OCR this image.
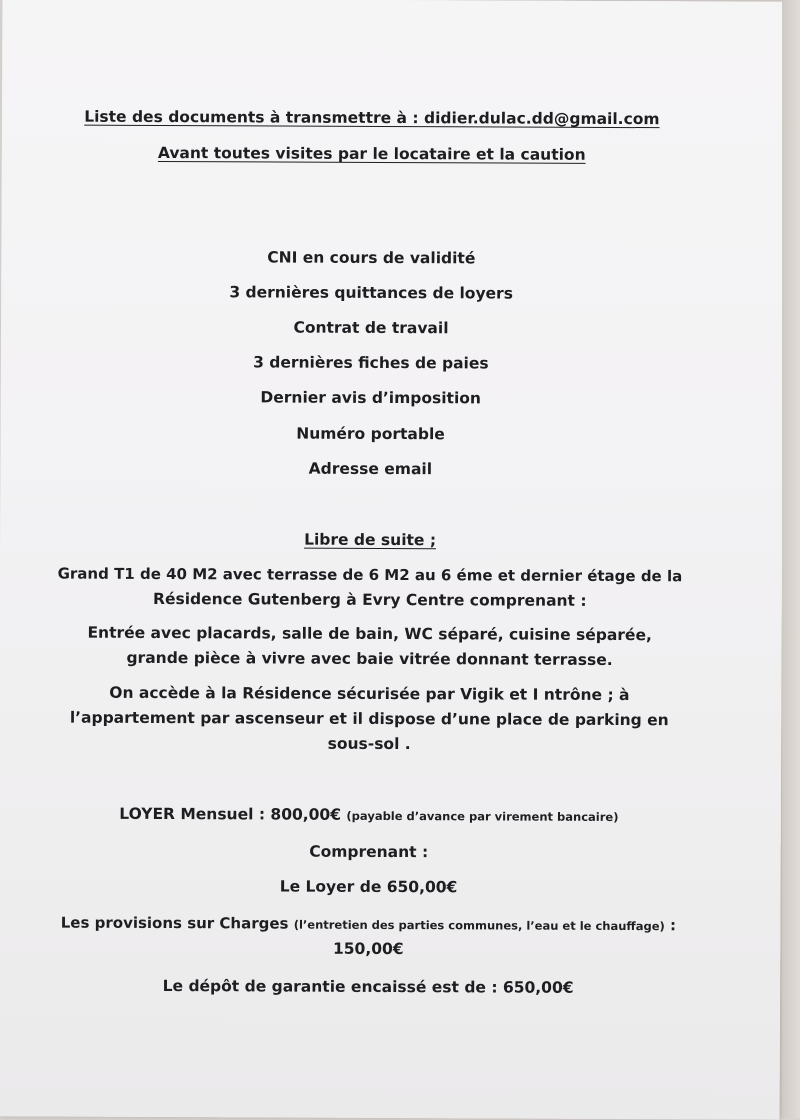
Liste des documents à transmettre à : didier.dulac.dd@gmail.com
Avant toutes visites par le locataire et la caution
CNI en cours de validité
3 dernières quittances de loyers
Contrat de travail
3 dernières fiches de paies
Dernier avis d’imposition
Numéro portable
Adresse email
Libre de suite ;
Grand T1 de 40 M2 avec terrasse de 6 M2 au 6 éme et dernier étage de la
Résidence Gutenberg à Evry Centre comprenant :
Entrée avec placards, salle de bain, WC séparé, cuisine séparée,
grande pièce à vivre avec baie vitrée donnant terrasse.
On accède à la Résidence sécurisée par Vigik et I ntrône ; à
l’appartement par ascenseur et il dispose d’une place de parking en
sous-sol .
LOYER Mensuel : 800,00€ (payable d’avance par virement bancaire)
Comprenant :
Le Loyer de 650,00€
Les provisions sur Charges (l’entretien des parties communes, l’eau et le chauffage) :
150,00€
Le dépôt de garantie encaissé est de : 650,00€
